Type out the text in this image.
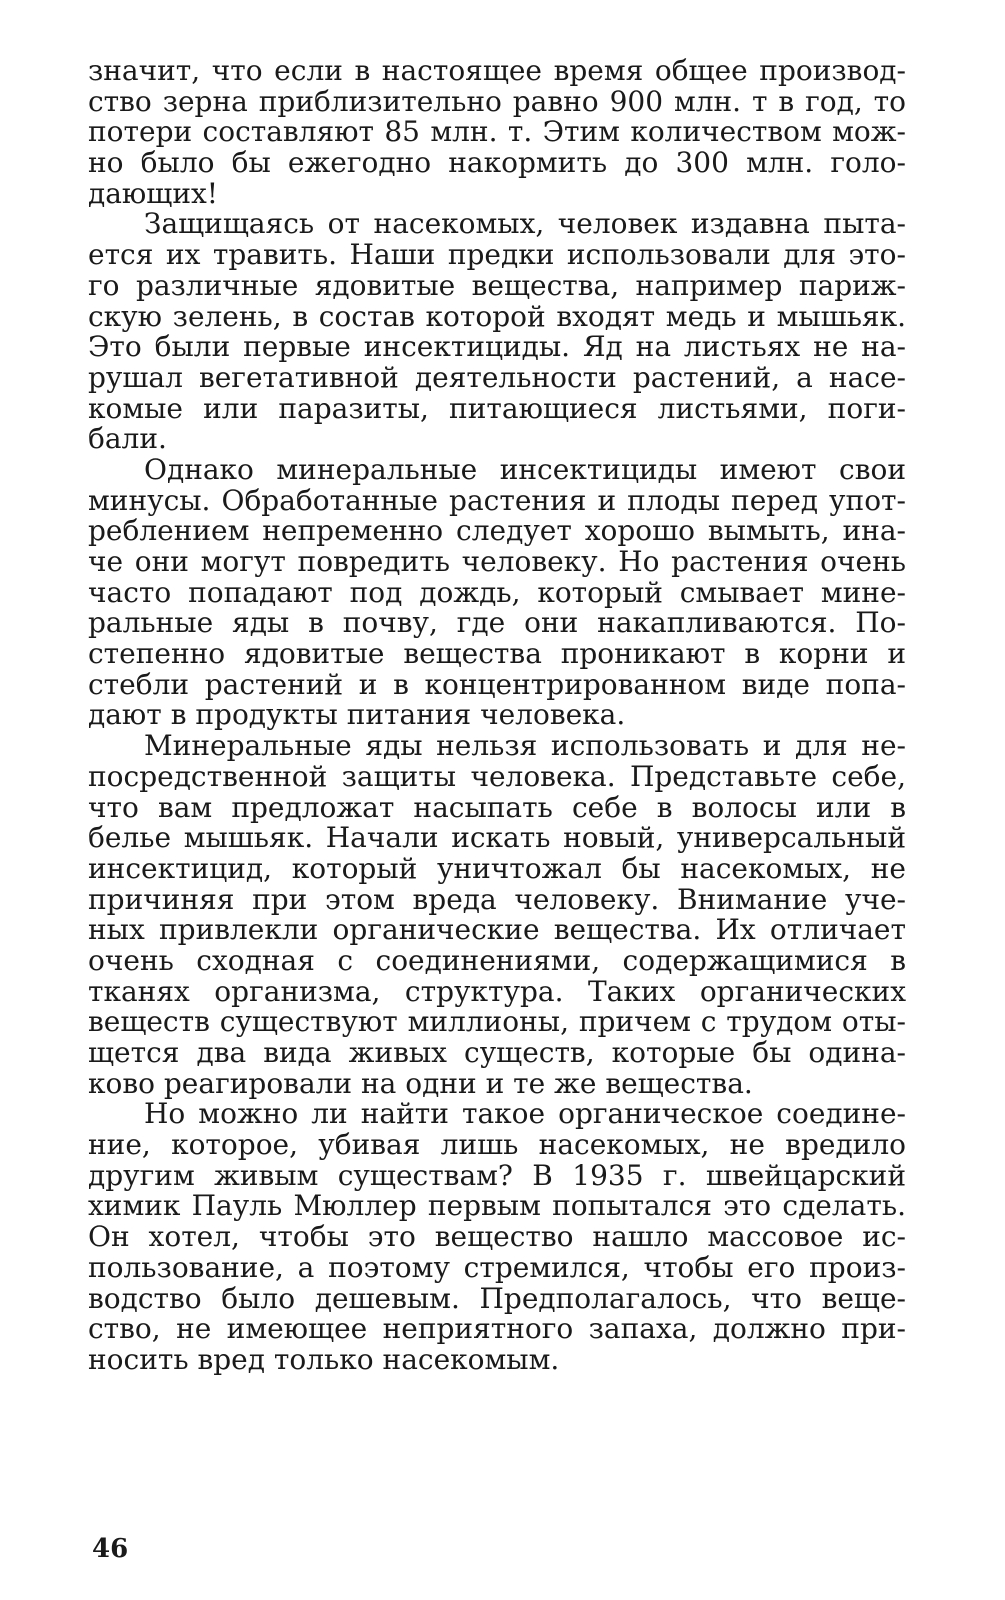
значит, что если в настоящее время общее производ-
ство зерна приблизительно равно 900 млн. т в год, то
потери составляют 85 млн. т. Этим количеством мож-
но было бы ежегодно накормить до 300 млн. голо-
дающих!
Защищаясь от насекомых, человек издавна пыта-
ется их травить. Наши предки использовали для это-
го различные ядовитые вещества, например париж-
скую зелень, в состав которой входят медь и мышьяк.
Это были первые инсектициды. Яд на листьях не на-
рушал вегетативной деятельности растений, а насе-
комые или паразиты, питающиеся листьями, поги-
бали.
Однако минеральные инсектициды имеют свои
минусы. Обработанные растения и плоды перед упот-
реблением непременно следует хорошо вымыть, ина-
че они могут повредить человеку. Но растения очень
часто попадают под дождь, который смывает мине-
ральные яды в почву, где они накапливаются. По-
степенно ядовитые вещества проникают в корни и
стебли растений и в концентрированном виде попа-
дают в продукты питания человека.
Минеральные яды нельзя использовать и для не-
посредственной защиты человека. Представьте себе,
что вам предложат насыпать себе в волосы или в
белье мышьяк. Начали искать новый, универсальный
инсектицид, который уничтожал бы насекомых, не
причиняя при этом вреда человеку. Внимание уче-
ных привлекли органические вещества. Их отличает
очень сходная с соединениями, содержащимися в
тканях организма, структура. Таких органических
веществ существуют миллионы, причем с трудом оты-
щется два вида живых существ, которые бы одина-
ково реагировали на одни и те же вещества.
Но можно ли найти такое органическое соедине-
ние, которое, убивая лишь насекомых, не вредило
другим живым существам? В 1935 г. швейцарский
химик Пауль Мюллер первым попытался это сделать.
Он хотел, чтобы это вещество нашло массовое ис-
пользование, а поэтому стремился, чтобы его произ-
водство было дешевым. Предполагалось, что веще-
ство, не имеющее неприятного запаха, должно при-
носить вред только насекомым.
46
